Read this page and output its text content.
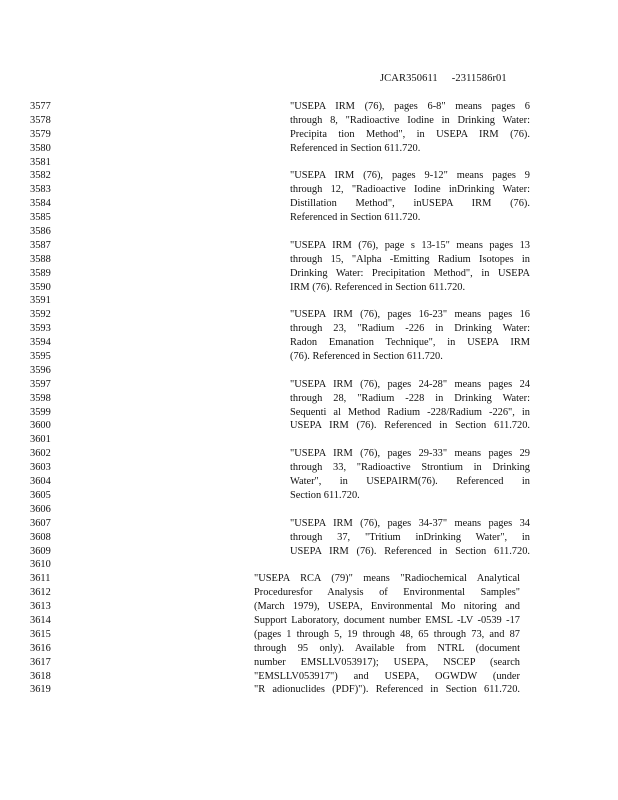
JCAR350611 -2311586r01
3577	"USEPA IRM (76), pages 6-8" means pages 6
3578	through 8, "Radioactive Iodine in Drinking Water:
3579	Precipita tion Method", in USEPA IRM (76).
3580	Referenced in Section 611.720.
3581
3582	"USEPA IRM (76), pages 9-12" means pages 9
3583	through 12, "Radioactive Iodine inDrinking Water:
3584	Distillation Method", inUSEPA IRM (76).
3585	Referenced in Section 611.720.
3586
3587	"USEPA IRM (76), page s 13-15" means pages 13
3588	through 15, "Alpha -Emitting Radium Isotopes in
3589	Drinking Water: Precipitation Method", in USEPA
3590	IRM (76). Referenced in Section 611.720.
3591
3592	"USEPA IRM (76), pages 16-23" means pages 16
3593	through 23, "Radium -226 in Drinking Water:
3594	Radon Emanation Technique", in USEPA IRM
3595	(76). Referenced in Section 611.720.
3596
3597	"USEPA IRM (76), pages 24-28" means pages 24
3598	through 28, "Radium -228 in Drinking Water:
3599	Sequenti al Method Radium -228/Radium -226", in
3600	USEPA IRM (76). Referenced in Section 611.720.
3601
3602	"USEPA IRM (76), pages 29-33" means pages 29
3603	through 33, "Radioactive Strontium in Drinking
3604	Water", in USEPAIRM(76). Referenced in
3605	Section 611.720.
3606
3607	"USEPA IRM (76), pages 34-37" means pages 34
3608	through 37, "Tritium inDrinking Water", in
3609	USEPA IRM (76). Referenced in Section 611.720.
3610
3611	"USEPA RCA (79)" means "Radiochemical Analytical
3612	Proceduresfor Analysis of Environmental Samples"
3613	(March 1979), USEPA, Environmental Mo nitoring and
3614	Support Laboratory, document number EMSL -LV -0539 -17
3615	(pages 1 through 5, 19 through 48, 65 through 73, and 87
3616	through 95 only). Available from NTRL (document
3617	number EMSLLV053917); USEPA, NSCEP (search
3618	"EMSLLV053917") and USEPA, OGWDW (under
3619	"R adionuclides (PDF)"). Referenced in Section 611.720.
